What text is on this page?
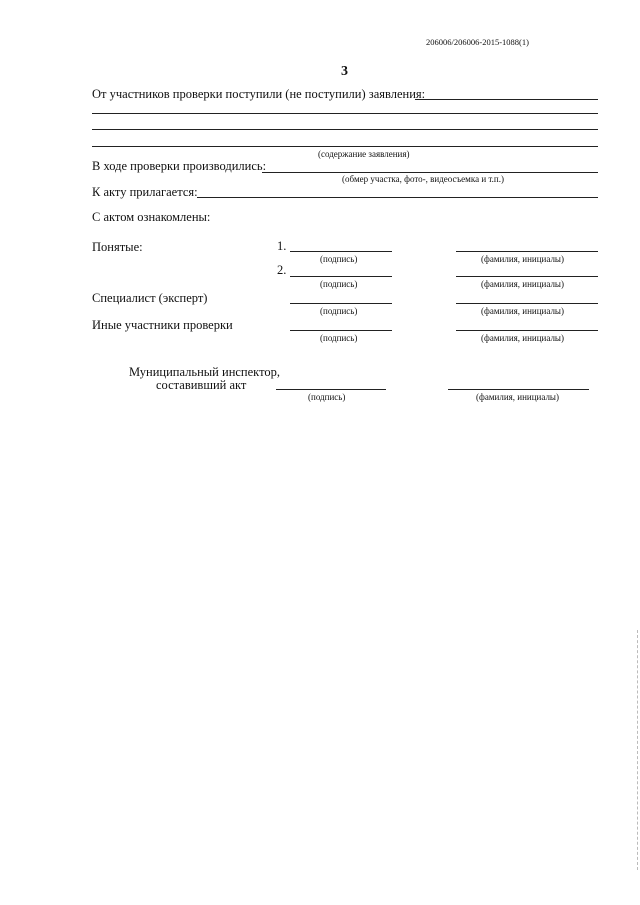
206006/206006-2015-1088(1)
3
От участников проверки поступили (не поступили) заявления:
(содержание заявления)
В ходе проверки производились:
(обмер участка, фото-, видеосъемка и т.п.)
К акту прилагается:
С актом ознакомлены:
Понятые:	1.
(подпись)	(фамилия, инициалы)
2.
(подпись)	(фамилия, инициалы)
Специалист (эксперт)
(подпись)	(фамилия, инициалы)
Иные участники проверки
(подпись)	(фамилия, инициалы)
Муниципальный инспектор,
составивший акт
(подпись)	(фамилия, инициалы)
